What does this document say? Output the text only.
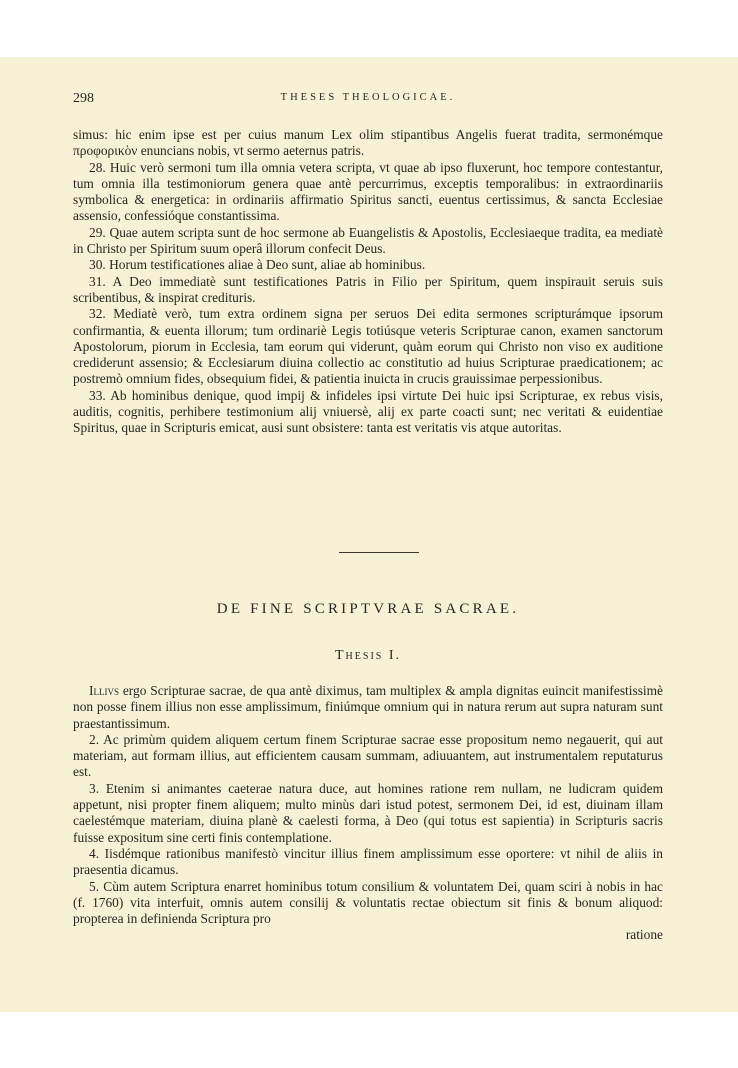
298	THESES THEOLOGICAE.

simus: hic enim ipse est per cuius manum Lex olim stipantibus Angelis fuerat tradita, sermonémque προφορικὸν enuncians nobis, vt sermo aeternus patris.

28. Huic verò sermoni tum illa omnia vetera scripta, vt quae ab ipso fluxerunt, hoc tempore contestantur, tum omnia illa testimoniorum genera quae antè percurrimus, exceptis temporalibus: in extraordinariis symbolica & energetica: in ordinariis affirmatio Spiritus sancti, euentus certissimus, & sancta Ecclesiae assensio, confessióque constantissima.

29. Quae autem scripta sunt de hoc sermone ab Euangelistis & Apostolis, Ecclesiaeque tradita, ea mediatè in Christo per Spiritum suum operâ illorum confecit Deus.

30. Horum testificationes aliae à Deo sunt, aliae ab hominibus.

31. A Deo immediatè sunt testificationes Patris in Filio per Spiritum, quem inspirauit seruis suis scribentibus, & inspirat credituris.

32. Mediatè verò, tum extra ordinem signa per seruos Dei edita sermones scripturámque ipsorum confirmantia, & euenta illorum; tum ordinariè Legis totiúsque veteris Scripturae canon, examen sanctorum Apostolorum, piorum in Ecclesia, tam eorum qui viderunt, quàm eorum qui Christo non viso ex auditione crediderunt assensio; & Ecclesiarum diuina collectio ac constitutio ad huius Scripturae praedicationem; ac postremò omnium fides, obsequium fidei, & patientia inuicta in crucis grauissimae perpessionibus.

33. Ab hominibus denique, quod impij & infideles ipsi virtute Dei huic ipsi Scripturae, ex rebus visis, auditis, cognitis, perhibere testimonium alij vniuersè, alij ex parte coacti sunt; nec veritati & euidentiae Spiritus, quae in Scripturis emicat, ausi sunt obsistere: tanta est veritatis vis atque autoritas.

DE FINE SCRIPTVRAE SACRAE.
Thesis I.

Illivs ergo Scripturae sacrae, de qua antè diximus, tam multiplex & ampla dignitas euincit manifestissimè non posse finem illius non esse amplissimum, finiúmque omnium qui in natura rerum aut supra naturam sunt praestantissimum.

2. Ac primùm quidem aliquem certum finem Scripturae sacrae esse propositum nemo negauerit, qui aut materiam, aut formam illius, aut efficientem causam summam, adiuuantem, aut instrumentalem reputaturus est.

3. Etenim si animantes caeterae natura duce, aut homines ratione rem nullam, ne ludicram quidem appetunt, nisi propter finem aliquem; multo minùs dari istud potest, sermonem Dei, id est, diuinam illam caelestémque materiam, diuina planè & caelesti forma, à Deo (qui totus est sapientia) in Scripturis sacris fuisse expositum sine certi finis contemplatione.

4. Iisdémque rationibus manifestò vincitur illius finem amplissimum esse oportere: vt nihil de aliis in praesentia dicamus.

5. Cùm autem Scriptura enarret hominibus totum consilium & voluntatem Dei, quam sciri à nobis in hac (f. 1760) vita interfuit, omnis autem consilij & voluntatis rectae obiectum sit finis & bonum aliquod: propterea in definienda Scriptura pro

ratione
